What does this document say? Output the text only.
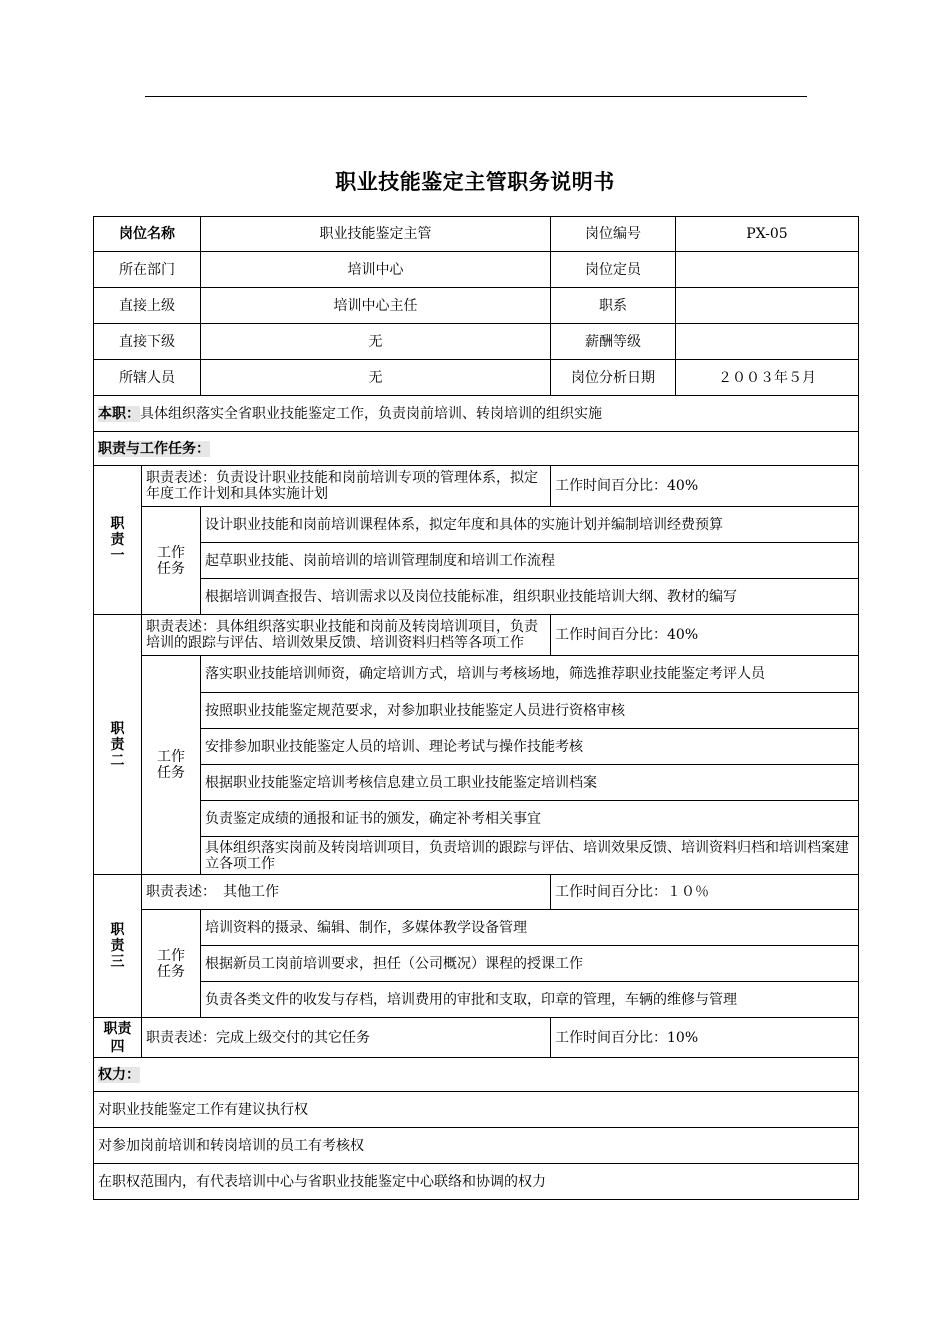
职业技能鉴定主管职务说明书
岗位名称		职业技能鉴定主管	岗位编号	PX-05
所在部门		培训中心	岗位定员	
直接上级		培训中心主任	职系	
直接下级		无	薪酬等级	
所辖人员		无	岗位分析日期	２００３年５月
本职：具体组织落实全省职业技能鉴定工作，负责岗前培训、转岗培训的组织实施				
职责与工作任务：				
职
责
一	职责表述：负责设计职业技能和岗前培训专项的管理体系，拟定年度工作计划和具体实施计划		工作时间百分比：40%	
	工作
任务	设计职业技能和岗前培训课程体系，拟定年度和具体的实施计划并编制培训经费预算		
		起草职业技能、岗前培训的培训管理制度和培训工作流程		
		根据培训调查报告、培训需求以及岗位技能标准，组织职业技能培训大纲、教材的编写		
职
责
二	职责表述：具体组织落实职业技能和岗前及转岗培训项目，负责培训的跟踪与评估、培训效果反馈、培训资料归档等各项工作		工作时间百分比：40%	
	工作
任务	落实职业技能培训师资，确定培训方式，培训与考核场地，筛选推荐职业技能鉴定考评人员		
		按照职业技能鉴定规范要求，对参加职业技能鉴定人员进行资格审核		
		安排参加职业技能鉴定人员的培训、理论考试与操作技能考核		
		根据职业技能鉴定培训考核信息建立员工职业技能鉴定培训档案		
		负责鉴定成绩的通报和证书的颁发，确定补考相关事宜		
		具体组织落实岗前及转岗培训项目，负责培训的跟踪与评估、培训效果反馈、培训资料归档和培训档案建立各项工作		
职
责
三	职责表述：　其他工作		工作时间百分比：１０％	
	工作
任务	培训资料的摄录、编辑、制作，多媒体教学设备管理		
		根据新员工岗前培训要求，担任（公司概况）课程的授课工作		
		负责各类文件的收发与存档，培训费用的审批和支取，印章的管理，车辆的维修与管理		
职责
四	职责表述：完成上级交付的其它任务		工作时间百分比：10%	
权力：				
对职业技能鉴定工作有建议执行权				
对参加岗前培训和转岗培训的员工有考核权				
在职权范围内，有代表培训中心与省职业技能鉴定中心联络和协调的权力				
